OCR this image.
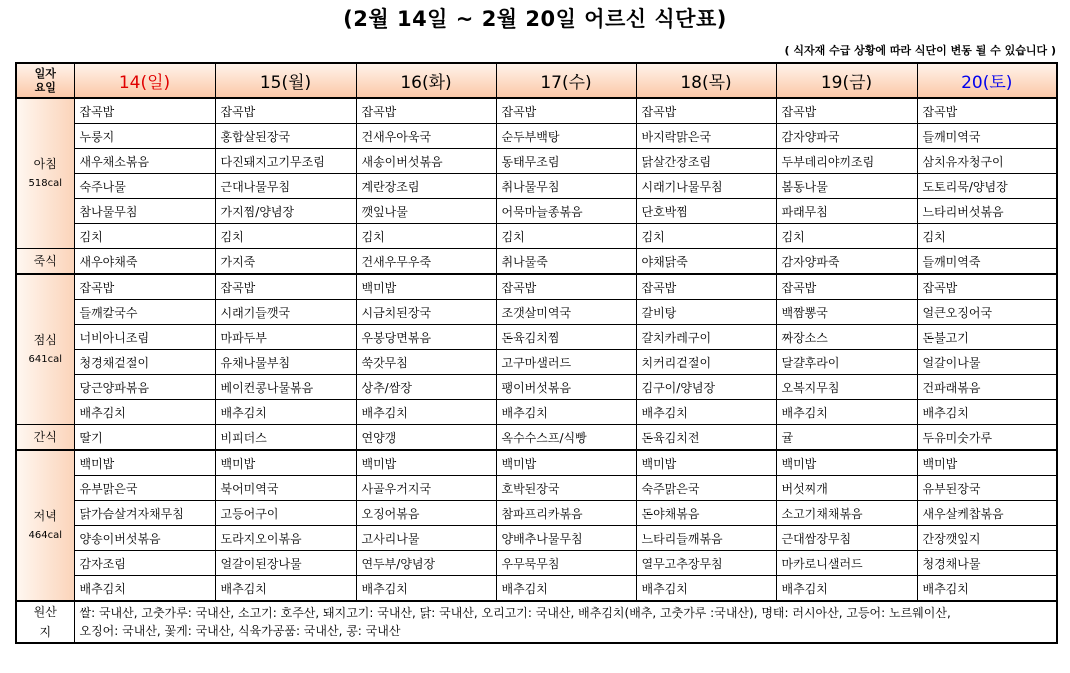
(2월 14일 ~ 2월 20일 어르신 식단표)
( 식자재 수급 상황에 따라 식단이 변동 될 수 있습니다 )
일자
요일	14(일)	15(월)	16(화)	17(수)	18(목)	19(금)	20(토)
아침
518cal	잡곡밥	잡곡밥	잡곡밥	잡곡밥	잡곡밥	잡곡밥	잡곡밥
	누룽지	홍합살된장국	건새우아욱국	순두부백탕	바지락맑은국	감자양파국	들깨미역국
	새우채소볶음	다진돼지고기무조림	새송이버섯볶음	동태무조림	닭살간장조림	두부데리야끼조림	삼치유자청구이
	숙주나물	근대나물무침	계란장조림	취나물무침	시래기나물무침	봄동나물	도토리묵/양념장
	참나물무침	가지찜/양념장	깻잎나물	어묵마늘종볶음	단호박찜	파래무침	느타리버섯볶음
	김치	김치	김치	김치	김치	김치	김치
죽식	새우야채죽	가지죽	건새우무우죽	취나물죽	야채닭죽	감자양파죽	들깨미역죽
점심
641cal	잡곡밥	잡곡밥	백미밥	잡곡밥	잡곡밥	잡곡밥	잡곡밥
	들깨칼국수	시래기들깻국	시금치된장국	조갯살미역국	갈비탕	백짬뽕국	얼큰오징어국
	너비아니조림	마파두부	우봉당면볶음	돈육김치찜	갈치카레구이	짜장소스	돈불고기
	청경채겉절이	유채나물부침	쑥갓무침	고구마샐러드	치커리겉절이	달걀후라이	얼갈이나물
	당근양파볶음	베이컨콩나물볶음	상추/쌈장	팽이버섯볶음	김구이/양념장	오복지무침	건파래볶음
	배추김치	배추김치	배추김치	배추김치	배추김치	배추김치	배추김치
간식	딸기	비피더스	연양갱	옥수수스프/식빵	돈육김치전	귤	두유미숫가루
저녁
464cal	백미밥	백미밥	백미밥	백미밥	백미밥	백미밥	백미밥
	유부맑은국	북어미역국	사골우거지국	호박된장국	숙주맑은국	버섯찌개	유부된장국
	닭가슴살겨자채무침	고등어구이	오징어볶음	참파프리카볶음	돈야채볶음	소고기채채볶음	새우살케찹볶음
	양송이버섯볶음	도라지오이볶음	고사리나물	양배추나물무침	느타리들깨볶음	근대쌈장무침	간장깻잎지
	감자조림	얼갈이된장나물	연두부/양념장	우무묵무침	열무고추장무침	마카로니샐러드	청경채나물
	배추김치	배추김치	배추김치	배추김치	배추김치	배추김치	배추김치
원산
지	쌀: 국내산, 고춧가루: 국내산, 소고기: 호주산, 돼지고기: 국내산, 닭: 국내산, 오리고기: 국내산, 배추김치(배추, 고춧가루 :국내산), 명태: 러시아산, 고등어: 노르웨이산,
오징어: 국내산, 꽃게: 국내산, 식육가공품: 국내산, 콩: 국내산						
